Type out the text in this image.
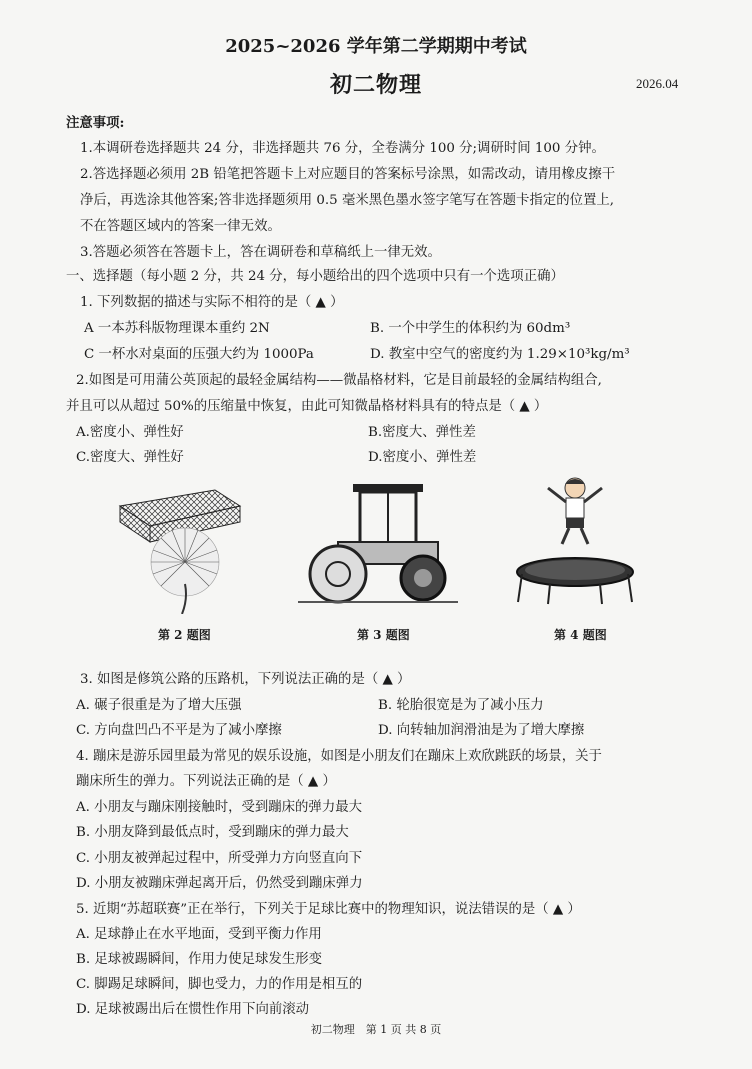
2025~2026 学年第二学期期中考试
初二物理	2026.04
注意事项:
1.本调研卷选择题共 24 分，非选择题共 76 分，全卷满分 100 分;调研时间 100 分钟。
2.答选择题必须用 2B 铅笔把答题卡上对应题目的答案标号涂黑，如需改动，请用橡皮擦干
净后，再选涂其他答案;答非选择题须用 0.5 毫米黑色墨水签字笔写在答题卡指定的位置上,
不在答题区域内的答案一律无效。
3.答题必须答在答题卡上，答在调研卷和草稿纸上一律无效。
一、选择题（每小题 2 分，共 24 分，每小题给出的四个选项中只有一个选项正确）
1. 下列数据的描述与实际不相符的是（ ▲ ）
A 一本苏科版物理课本重约 2N	B. 一个中学生的体积约为 60dm³
C 一杯水对桌面的压强大约为 1000Pa	D. 教室中空气的密度约为 1.29×10³kg/m³
2.如图是可用蒲公英顶起的最轻金属结构——微晶格材料，它是目前最轻的金属结构组合,
并且可以从超过 50%的压缩量中恢复，由此可知微晶格材料具有的特点是（ ▲ ）
A.密度小、弹性好	B.密度大、弹性差
C.密度大、弹性好	D.密度小、弹性差
第 2 题图	第 3 题图	第 4 题图
3. 如图是修筑公路的压路机，下列说法正确的是（ ▲ ）
A. 碾子很重是为了增大压强	B. 轮胎很宽是为了减小压力
C. 方向盘凹凸不平是为了减小摩擦	D. 向转轴加润滑油是为了增大摩擦
4. 蹦床是游乐园里最为常见的娱乐设施，如图是小朋友们在蹦床上欢欣跳跃的场景，关于
蹦床所生的弹力。下列说法正确的是（ ▲ ）
A. 小朋友与蹦床刚接触时，受到蹦床的弹力最大
B. 小朋友降到最低点时，受到蹦床的弹力最大
C. 小朋友被弹起过程中，所受弹力方向竖直向下
D. 小朋友被蹦床弹起离开后，仍然受到蹦床弹力
5. 近期“苏超联赛”正在举行，下列关于足球比赛中的物理知识，说法错误的是（ ▲ ）
A. 足球静止在水平地面，受到平衡力作用
B. 足球被踢瞬间，作用力使足球发生形变
C. 脚踢足球瞬间，脚也受力，力的作用是相互的
D. 足球被踢出后在惯性作用下向前滚动
初二物理　第 1 页 共 8 页
